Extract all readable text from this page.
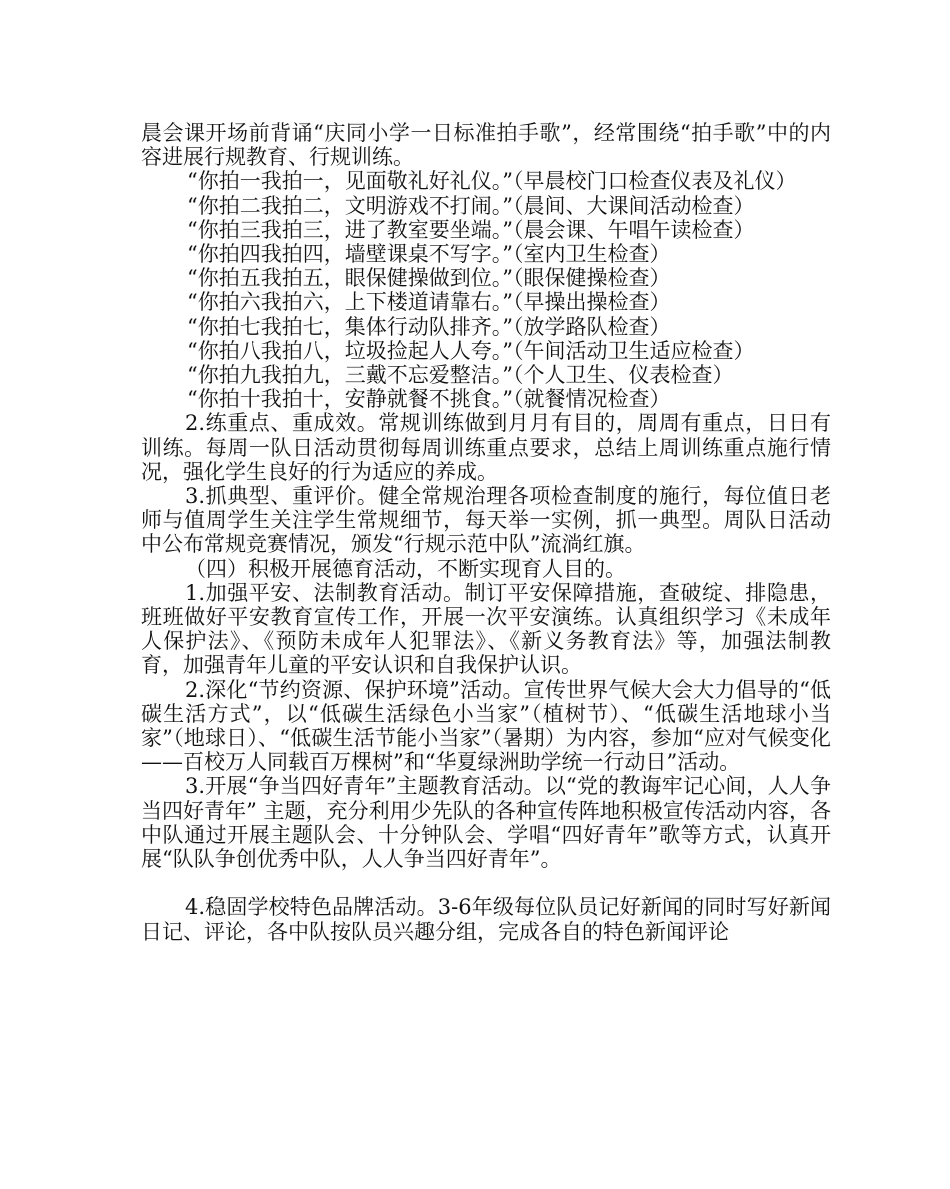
晨会课开场前背诵“庆同小学一日标准拍手歌”，经常围绕“拍手歌”中的内容进展行规教育、行规训练。

“你拍一我拍一，见面敬礼好礼仪。”（早晨校门口检查仪表及礼仪）

“你拍二我拍二，文明游戏不打闹。”（晨间、大课间活动检查）

“你拍三我拍三，进了教室要坐端。”（晨会课、午唱午读检查）

“你拍四我拍四，墙壁课桌不写字。”（室内卫生检查）

“你拍五我拍五，眼保健操做到位。”（眼保健操检查）

“你拍六我拍六，上下楼道请靠右。”（早操出操检查）

“你拍七我拍七，集体行动队排齐。”（放学路队检查）

“你拍八我拍八，垃圾捡起人人夸。”（午间活动卫生适应检查）

“你拍九我拍九，三戴不忘爱整洁。”（个人卫生、仪表检查）

“你拍十我拍十，安静就餐不挑食。”（就餐情况检查）

2.练重点、重成效。常规训练做到月月有目的，周周有重点，日日有训练。每周一队日活动贯彻每周训练重点要求，总结上周训练重点施行情况，强化学生良好的行为适应的养成。

3.抓典型、重评价。健全常规治理各项检查制度的施行，每位值日老师与值周学生关注学生常规细节，每天举一实例，抓一典型。周队日活动中公布常规竞赛情况，颁发“行规示范中队”流淌红旗。

（四）积极开展德育活动，不断实现育人目的。

1.加强平安、法制教育活动。制订平安保障措施，查破绽、排隐患，班班做好平安教育宣传工作，开展一次平安演练。认真组织学习《未成年人保护法》、《预防未成年人犯罪法》、《新义务教育法》等，加强法制教育，加强青年儿童的平安认识和自我保护认识。

2.深化“节约资源、保护环境”活动。宣传世界气候大会大力倡导的“低碳生活方式”，以“低碳生活绿色小当家”（植树节）、“低碳生活地球小当家”（地球日）、“低碳生活节能小当家”（暑期）为内容，参加“应对气候变化——百校万人同载百万棵树”和“华夏绿洲助学统一行动日”活动。

3.开展“争当四好青年”主题教育活动。以“党的教诲牢记心间，人人争当四好青年” 主题，充分利用少先队的各种宣传阵地积极宣传活动内容，各中队通过开展主题队会、十分钟队会、学唱“四好青年”歌等方式，认真开展“队队争创优秀中队，人人争当四好青年”。

4.稳固学校特色品牌活动。3-6年级每位队员记好新闻的同时写好新闻日记、评论，各中队按队员兴趣分组，完成各自的特色新闻评论
